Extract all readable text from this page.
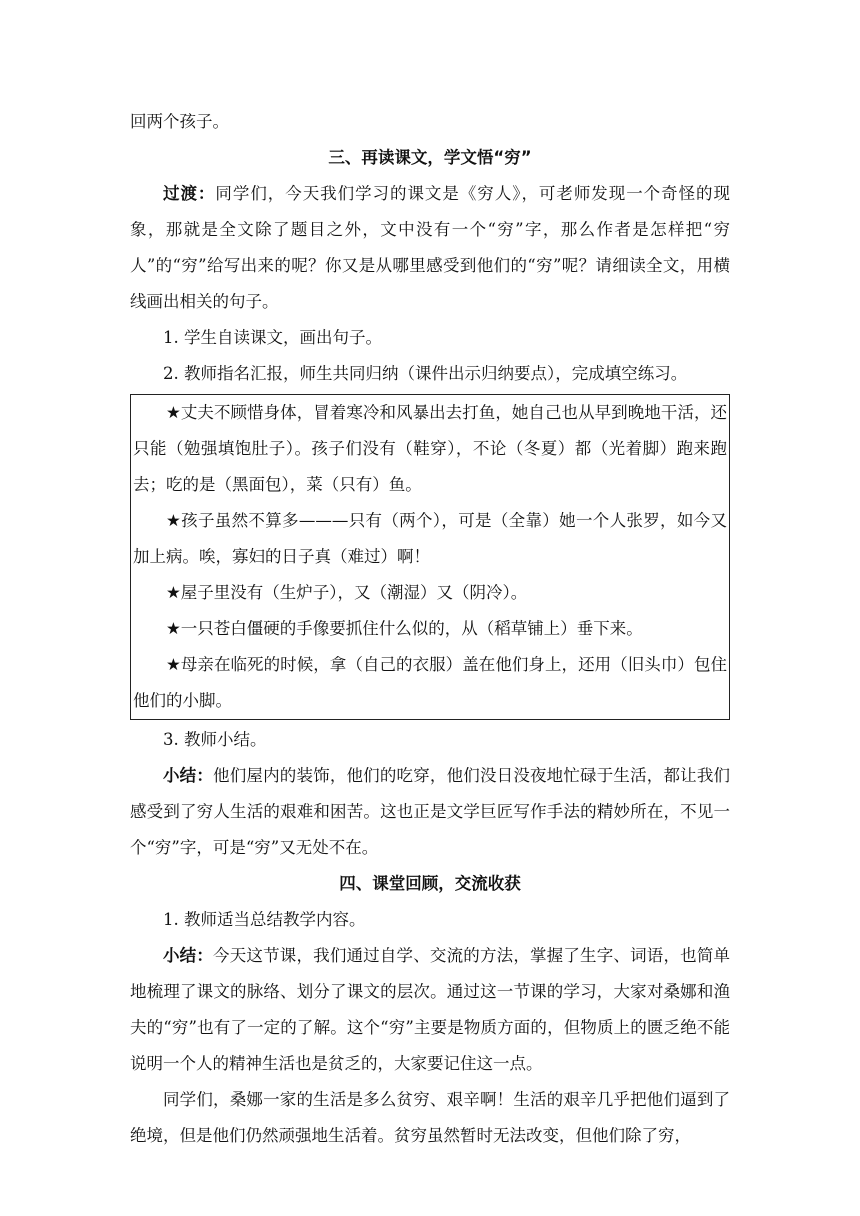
回两个孩子。

三、再读课文，学文悟“穷”

过渡：同学们，今天我们学习的课文是《穷人》，可老师发现一个奇怪的现象，那就是全文除了题目之外，文中没有一个“穷”字，那么作者是怎样把“穷人”的“穷”给写出来的呢？你又是从哪里感受到他们的“穷”呢？请细读全文，用横线画出相关的句子。

1. 学生自读课文，画出句子。

2. 教师指名汇报，师生共同归纳（课件出示归纳要点），完成填空练习。

★丈夫不顾惜身体，冒着寒冷和风暴出去打鱼，她自己也从早到晚地干活，还只能（勉强填饱肚子）。孩子们没有（鞋穿），不论（冬夏）都（光着脚）跑来跑去；吃的是（黑面包），菜（只有）鱼。

★孩子虽然不算多———只有（两个），可是（全靠）她一个人张罗，如今又加上病。唉，寡妇的日子真（难过）啊！

★屋子里没有（生炉子），又（潮湿）又（阴冷）。

★一只苍白僵硬的手像要抓住什么似的，从（稻草铺上）垂下来。

★母亲在临死的时候，拿（自己的衣服）盖在他们身上，还用（旧头巾）包住他们的小脚。

3. 教师小结。

小结：他们屋内的装饰，他们的吃穿，他们没日没夜地忙碌于生活，都让我们感受到了穷人生活的艰难和困苦。这也正是文学巨匠写作手法的精妙所在，不见一个“穷”字，可是“穷”又无处不在。

四、课堂回顾，交流收获

1. 教师适当总结教学内容。

小结：今天这节课，我们通过自学、交流的方法，掌握了生字、词语，也简单地梳理了课文的脉络、划分了课文的层次。通过这一节课的学习，大家对桑娜和渔夫的“穷”也有了一定的了解。这个“穷”主要是物质方面的，但物质上的匮乏绝不能说明一个人的精神生活也是贫乏的，大家要记住这一点。

同学们，桑娜一家的生活是多么贫穷、艰辛啊！生活的艰辛几乎把他们逼到了绝境，但是他们仍然顽强地生活着。贫穷虽然暂时无法改变，但他们除了穷，
